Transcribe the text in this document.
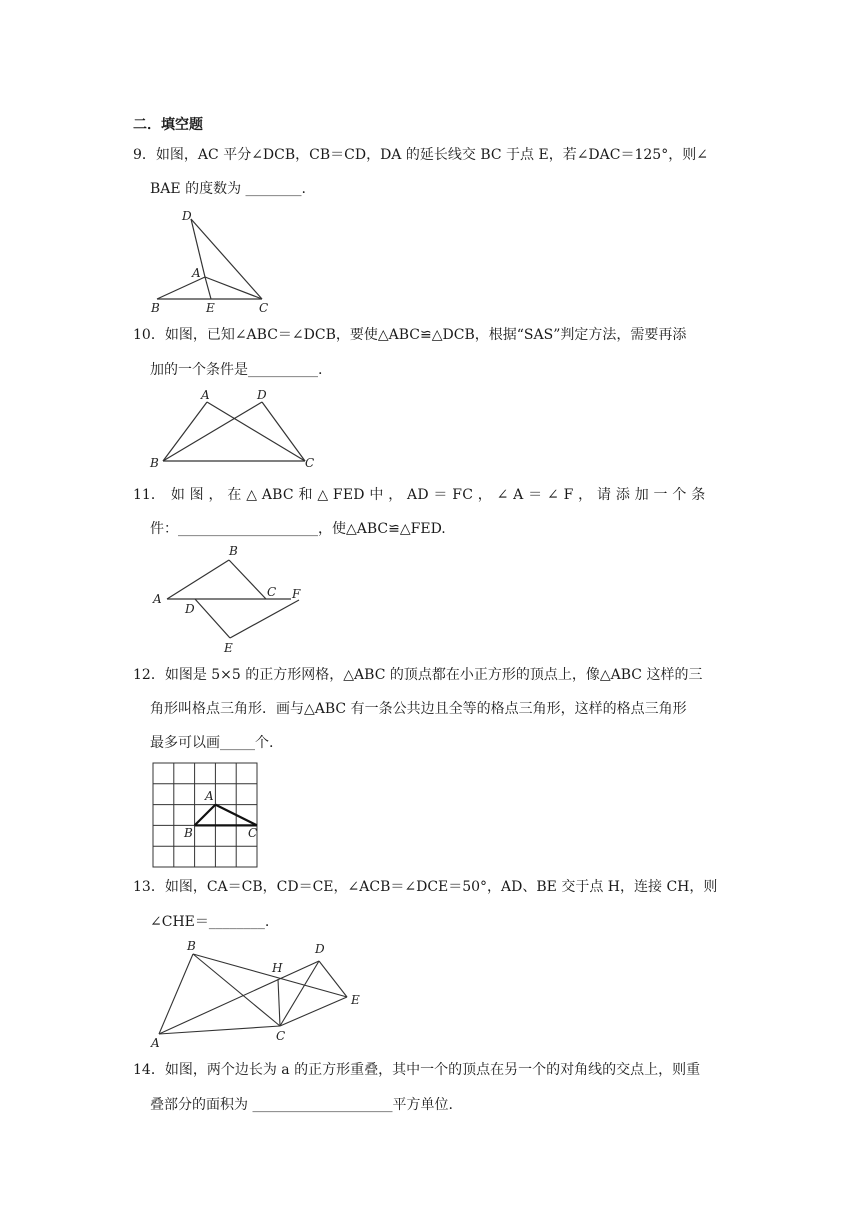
二．填空题
9．如图，AC 平分∠DCB，CB＝CD，DA 的延长线交 BC 于点 E，若∠DAC＝125°，则∠
BAE 的度数为 ________.
D
A
B	E	C
10．如图，已知∠ABC＝∠DCB，要使△ABC≌△DCB，根据“SAS”判定方法，需要再添
加的一个条件是__________.
A	D
B	C
11． 如 图 ， 在 △ ABC 和 △ FED 中 ， AD ＝ FC ， ∠ A ＝ ∠ F ， 请 添 加 一 个 条
件：____________________，使△ABC≌△FED.
B
A	C F
D
E
12．如图是 5×5 的正方形网格，△ABC 的顶点都在小正方形的顶点上，像△ABC 这样的三
角形叫格点三角形．画与△ABC 有一条公共边且全等的格点三角形，这样的格点三角形
最多可以画_____个.
A
B	C
13．如图，CA＝CB，CD＝CE，∠ACB＝∠DCE＝50°，AD、BE 交于点 H，连接 CH，则
∠CHE＝________.
B
H
D
E
A	C
14．如图，两个边长为 a 的正方形重叠，其中一个的顶点在另一个的对角线的交点上，则重
叠部分的面积为 ____________________平方单位.
